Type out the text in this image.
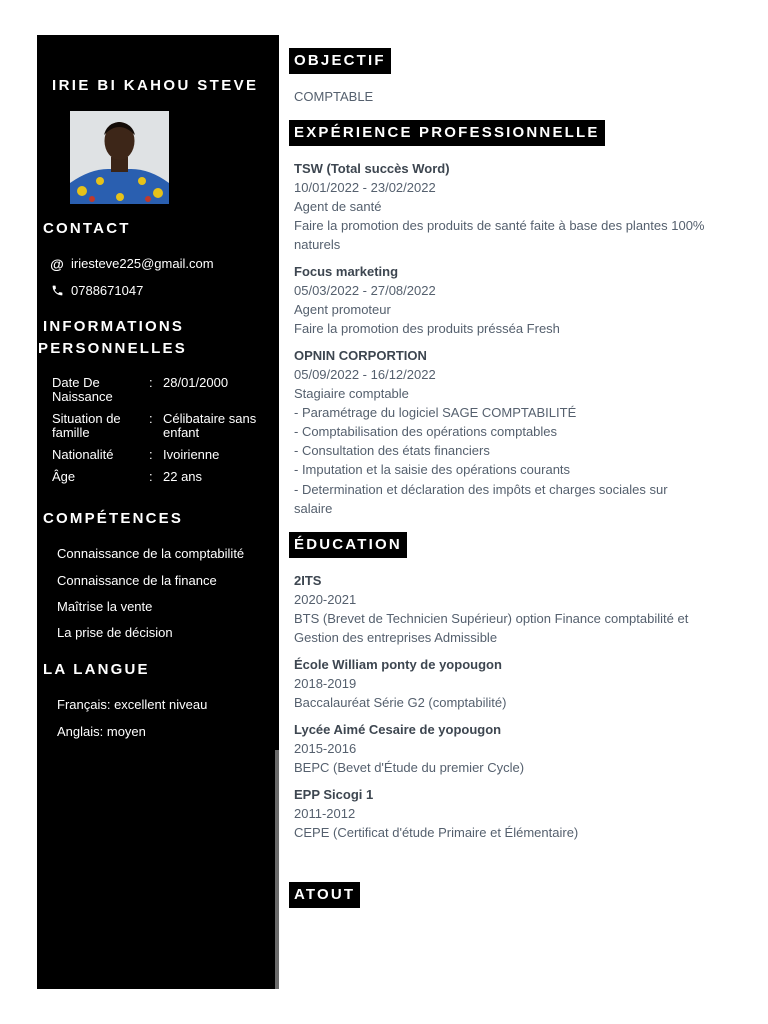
IRIE BI KAHOU STEVE
CONTACT
@ iriesteve225@gmail.com
0788671047
INFORMATIONS
PERSONNELLES
Date De Naissance
: 28/01/2000
Situation de famille
: Célibataire sans enfant
Nationalité	: Ivoirienne
Âge	: 22 ans
COMPÉTENCES
Connaissance de la comptabilité
Connaissance de la finance
Maîtrise la vente
La prise de décision
LA LANGUE
Français: excellent niveau
Anglais: moyen
OBJECTIF
COMPTABLE
EXPÉRIENCE PROFESSIONNELLE
TSW (Total succès Word)
10/01/2022 - 23/02/2022
Agent de santé
Faire la promotion des produits de santé faite à base des plantes 100%
naturels
Focus marketing
05/03/2022 - 27/08/2022
Agent promoteur
Faire la promotion des produits présséa Fresh
OPNIN CORPORTION
05/09/2022 - 16/12/2022
Stagiaire comptable
- Paramétrage du logiciel SAGE COMPTABILITÉ
- Comptabilisation des opérations comptables
- Consultation des états financiers
- Imputation et la saisie des opérations courants
- Determination et déclaration des impôts et charges sociales sur
salaire
ÉDUCATION
2ITS
2020-2021
BTS (Brevet de Technicien Supérieur) option Finance comptabilité et
Gestion des entreprises Admissible
École William ponty de yopougon
2018-2019
Baccalauréat Série G2 (comptabilité)
Lycée Aimé Cesaire de yopougon
2015-2016
BEPC (Bevet d'Étude du premier Cycle)
EPP Sicogi 1
2011-2012
CEPE (Certificat d'étude Primaire et Élémentaire)
ATOUT
